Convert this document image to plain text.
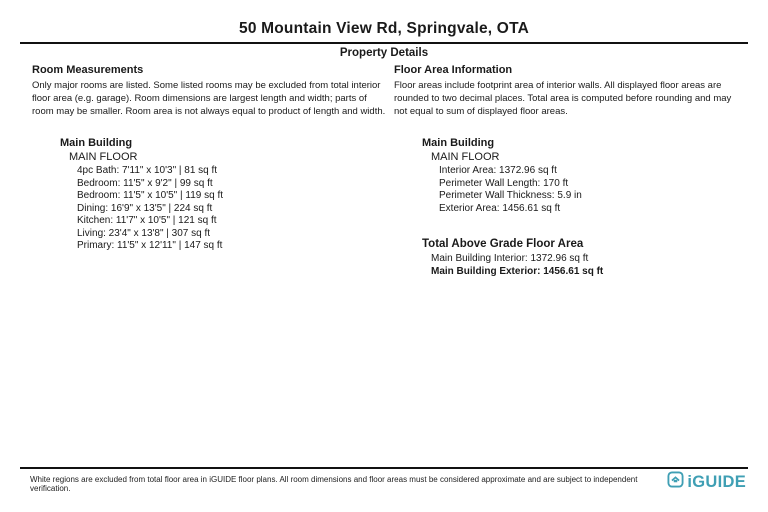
50 Mountain View Rd, Springvale, OTA
Property Details
Room Measurements

Only major rooms are listed. Some listed rooms may be excluded from total interior floor area (e.g. garage). Room dimensions are largest length and width; parts of room may be smaller. Room area is not always equal to product of length and width.

Main Building
MAIN FLOOR
4pc Bath: 7'11" x 10'3" | 81 sq ft
Bedroom: 11'5" x 9'2" | 99 sq ft
Bedroom: 11'5" x 10'5" | 119 sq ft
Dining: 16'9" x 13'5" | 224 sq ft
Kitchen: 11'7" x 10'5" | 121 sq ft
Living: 23'4" x 13'8" | 307 sq ft
Primary: 11'5" x 12'11" | 147 sq ft
Floor Area Information

Floor areas include footprint area of interior walls. All displayed floor areas are rounded to two decimal places. Total area is computed before rounding and may not equal to sum of displayed floor areas.

Main Building
MAIN FLOOR
Interior Area: 1372.96 sq ft
Perimeter Wall Length: 170 ft
Perimeter Wall Thickness: 5.9 in
Exterior Area: 1456.61 sq ft
Total Above Grade Floor Area
Main Building Interior: 1372.96 sq ft
Main Building Exterior: 1456.61 sq ft
White regions are excluded from total floor area in iGUIDE floor plans. All room dimensions and floor areas must be considered approximate and are subject to independent verification.	iGUIDE
